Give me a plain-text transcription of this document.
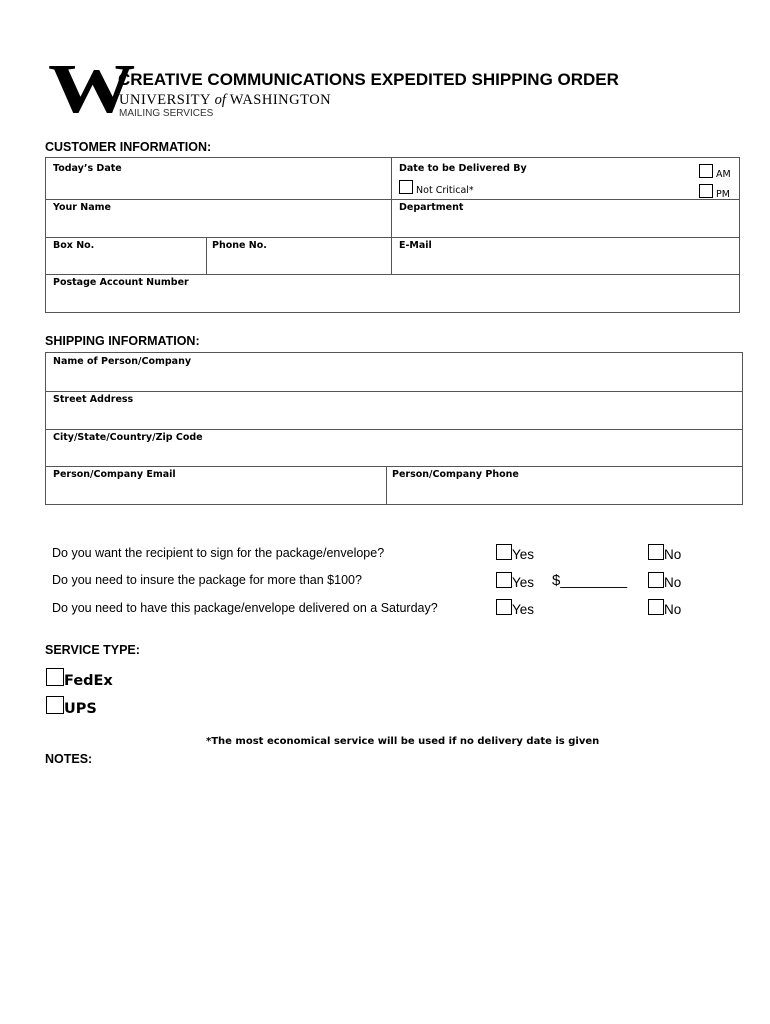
W
CREATIVE COMMUNICATIONS EXPEDITED SHIPPING ORDER
UNIVERSITY of WASHINGTON
MAILING SERVICES
CUSTOMER INFORMATION:
Today’s Date	Date to be Delivered By
Not Critical*
AM
PM
Your Name	Department
Box No.	Phone No.	E-Mail
Postage Account Number
SHIPPING INFORMATION:
Name of Person/Company
Street Address
City/State/Country/Zip Code
Person/Company Email	Person/Company Phone
Do you want the recipient to sign for the package/envelope?	Yes	No
Do you need to insure the package for more than $100?	Yes $________	No
Do you need to have this package/envelope delivered on a Saturday?	Yes	No
SERVICE TYPE:
FedEx
UPS
*The most economical service will be used if no delivery date is given
NOTES:
